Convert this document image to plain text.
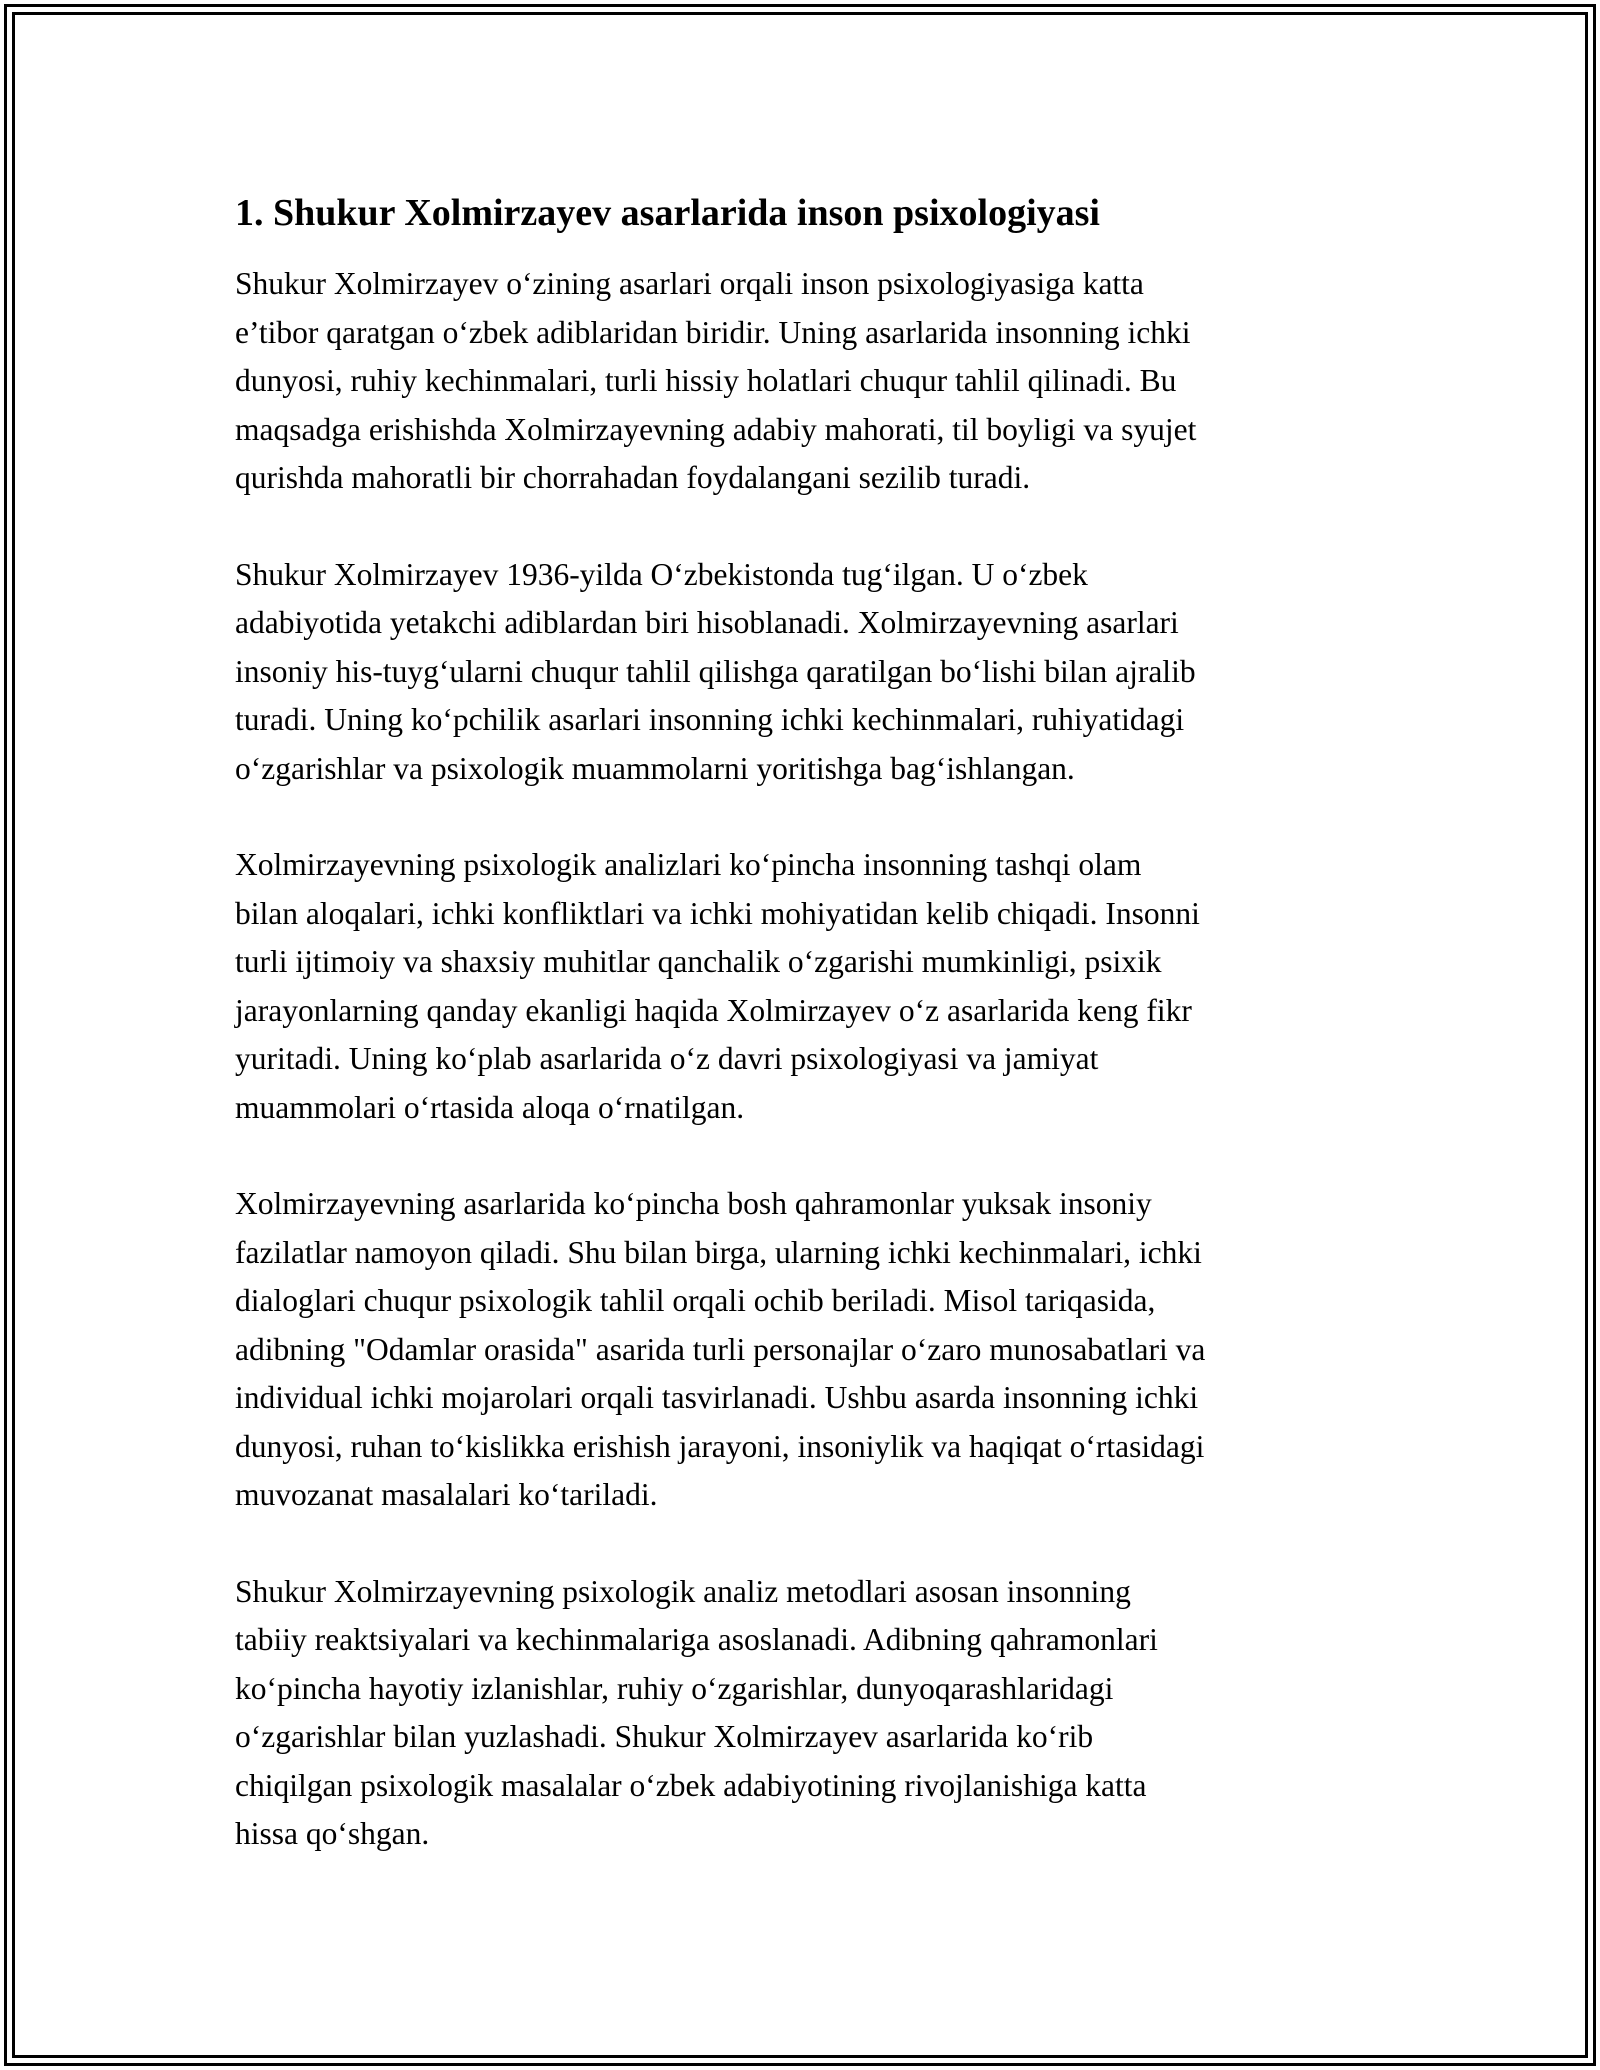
1. Shukur Xolmirzayev asarlarida inson psixologiyasi
Shukur Xolmirzayev o‘zining asarlari orqali inson psixologiyasiga katta
e’tibor qaratgan o‘zbek adiblaridan biridir. Uning asarlarida insonning ichki
dunyosi, ruhiy kechinmalari, turli hissiy holatlari chuqur tahlil qilinadi. Bu
maqsadga erishishda Xolmirzayevning adabiy mahorati, til boyligi va syujet
qurishda mahoratli bir chorrahadan foydalangani sezilib turadi.
Shukur Xolmirzayev 1936-yilda O‘zbekistonda tug‘ilgan. U o‘zbek
adabiyotida yetakchi adiblardan biri hisoblanadi. Xolmirzayevning asarlari
insoniy his-tuyg‘ularni chuqur tahlil qilishga qaratilgan bo‘lishi bilan ajralib
turadi. Uning ko‘pchilik asarlari insonning ichki kechinmalari, ruhiyatidagi
o‘zgarishlar va psixologik muammolarni yoritishga bag‘ishlangan.
Xolmirzayevning psixologik analizlari ko‘pincha insonning tashqi olam
bilan aloqalari, ichki konfliktlari va ichki mohiyatidan kelib chiqadi. Insonni
turli ijtimoiy va shaxsiy muhitlar qanchalik o‘zgarishi mumkinligi, psixik
jarayonlarning qanday ekanligi haqida Xolmirzayev o‘z asarlarida keng fikr
yuritadi. Uning ko‘plab asarlarida o‘z davri psixologiyasi va jamiyat
muammolari o‘rtasida aloqa o‘rnatilgan.
Xolmirzayevning asarlarida ko‘pincha bosh qahramonlar yuksak insoniy
fazilatlar namoyon qiladi. Shu bilan birga, ularning ichki kechinmalari, ichki
dialoglari chuqur psixologik tahlil orqali ochib beriladi. Misol tariqasida,
adibning "Odamlar orasida" asarida turli personajlar o‘zaro munosabatlari va
individual ichki mojarolari orqali tasvirlanadi. Ushbu asarda insonning ichki
dunyosi, ruhan to‘kislikka erishish jarayoni, insoniylik va haqiqat o‘rtasidagi
muvozanat masalalari ko‘tariladi.
Shukur Xolmirzayevning psixologik analiz metodlari asosan insonning
tabiiy reaktsiyalari va kechinmalariga asoslanadi. Adibning qahramonlari
ko‘pincha hayotiy izlanishlar, ruhiy o‘zgarishlar, dunyoqarashlaridagi
o‘zgarishlar bilan yuzlashadi. Shukur Xolmirzayev asarlarida ko‘rib
chiqilgan psixologik masalalar o‘zbek adabiyotining rivojlanishiga katta
hissa qo‘shgan.
